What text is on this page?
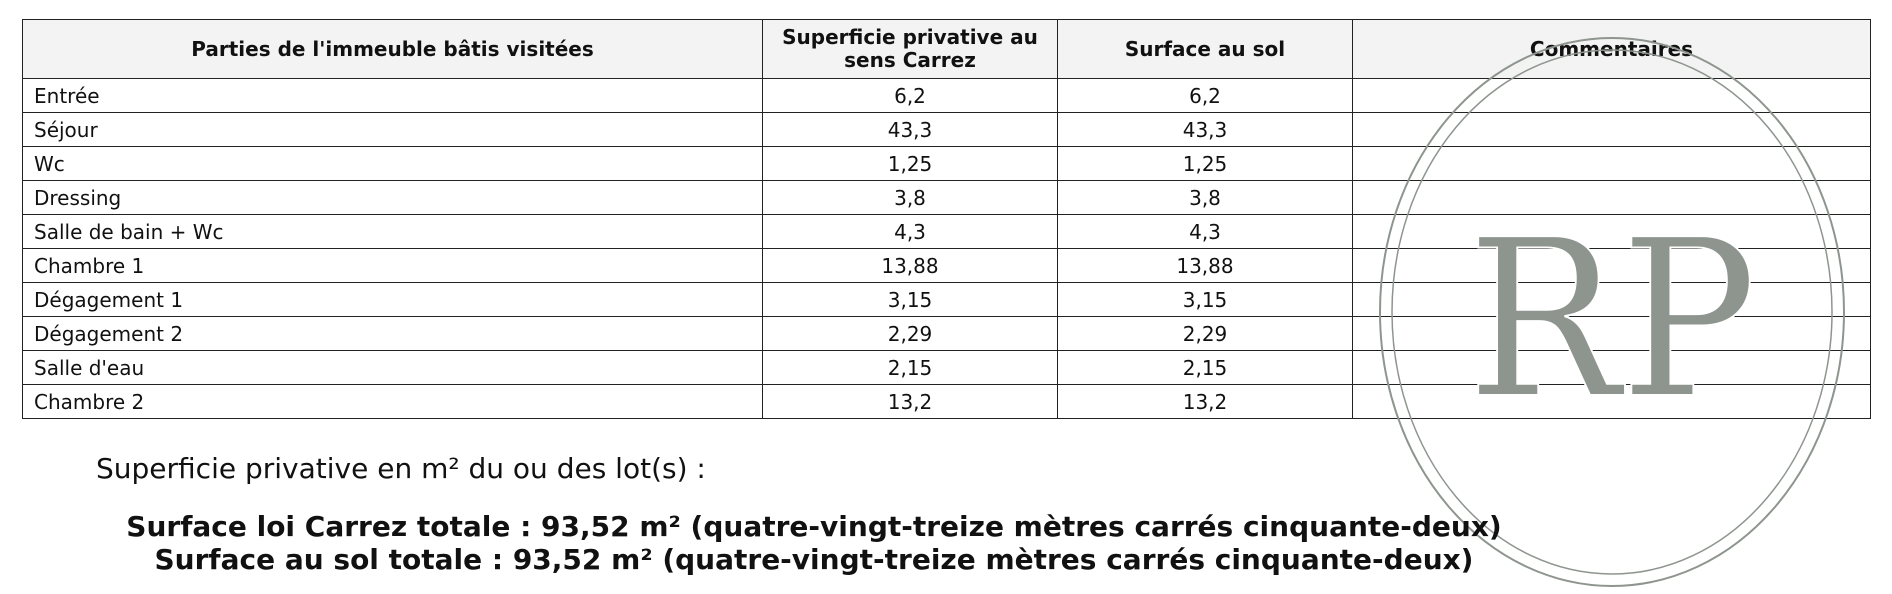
Parties de l'immeuble bâtis visitées	Superficie privative au sens Carrez	Surface au sol	Commentaires
Entrée	6,2	6,2	
Séjour	43,3	43,3	
Wc	1,25	1,25	
Dressing	3,8	3,8	
Salle de bain + Wc	4,3	4,3	
Chambre 1	13,88	13,88	
Dégagement 1	3,15	3,15	
Dégagement 2	2,29	2,29	
Salle d'eau	2,15	2,15	
Chambre 2	13,2	13,2	RP
Superficie privative en m² du ou des lot(s) :
Surface loi Carrez totale : 93,52 m² (quatre-vingt-treize mètres carrés cinquante-deux)
Surface au sol totale : 93,52 m² (quatre-vingt-treize mètres carrés cinquante-deux)
